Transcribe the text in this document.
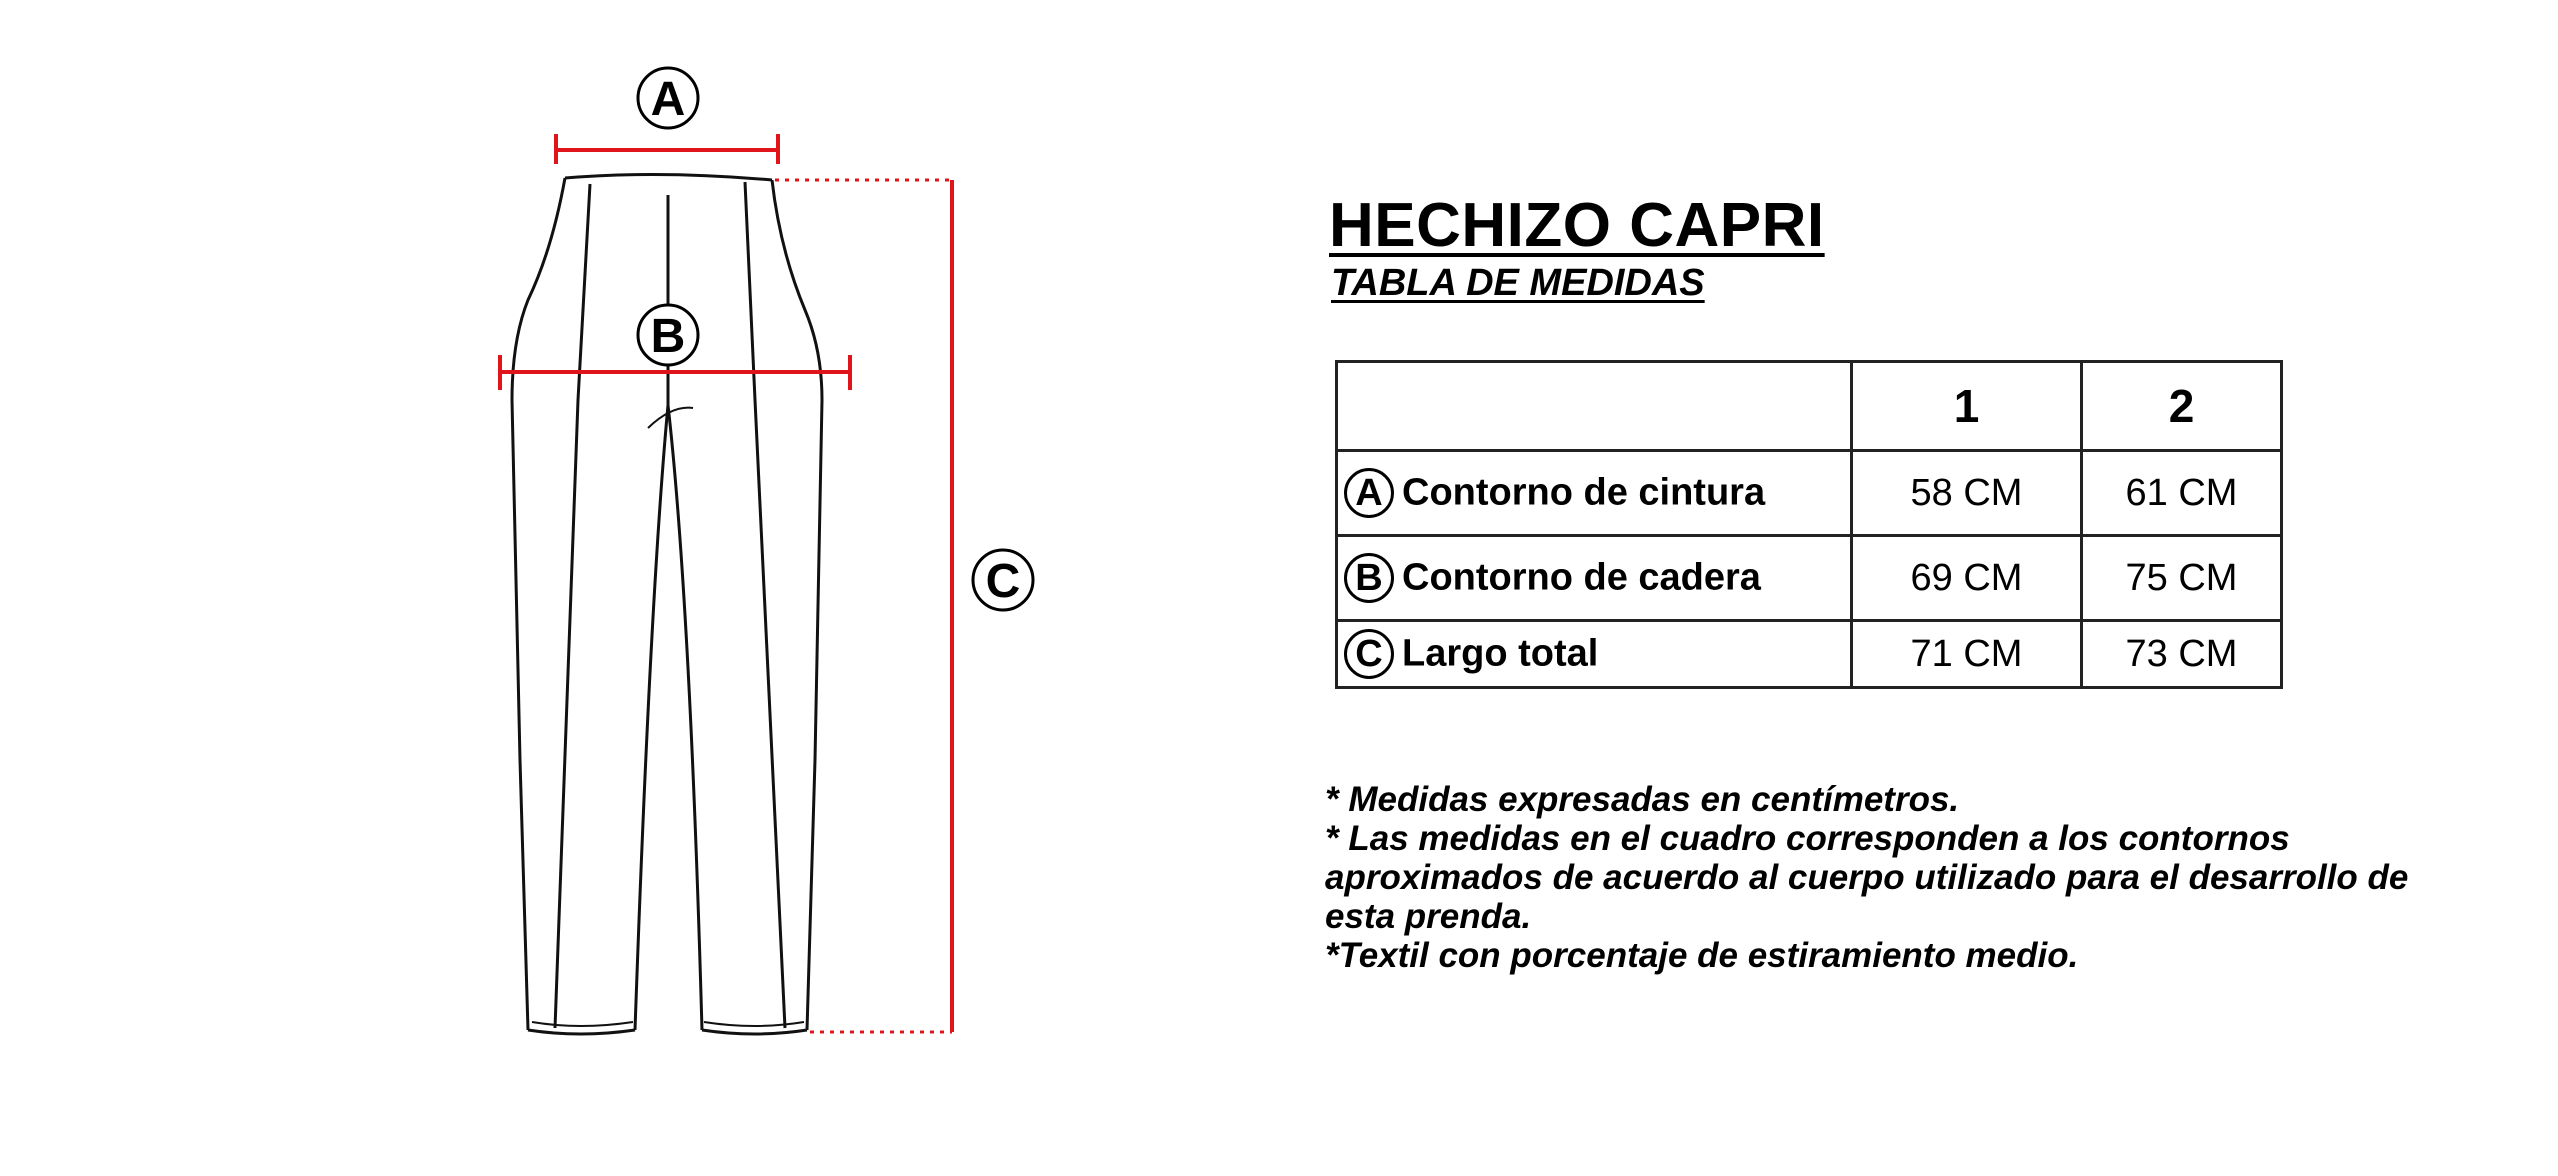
A
B
C
HECHIZO CAPRI
TABLA DE MEDIDAS
	1	2
A Contorno de cintura	58 CM	61 CM
B Contorno de cadera	69 CM	75 CM
C Largo total	71 CM	73 CM

* Medidas expresadas en centímetros.

* Las medidas en el cuadro corresponden a los contornos aproximados de acuerdo al cuerpo utilizado para el desarrollo de esta prenda.

*Textil con porcentaje de estiramiento medio.
